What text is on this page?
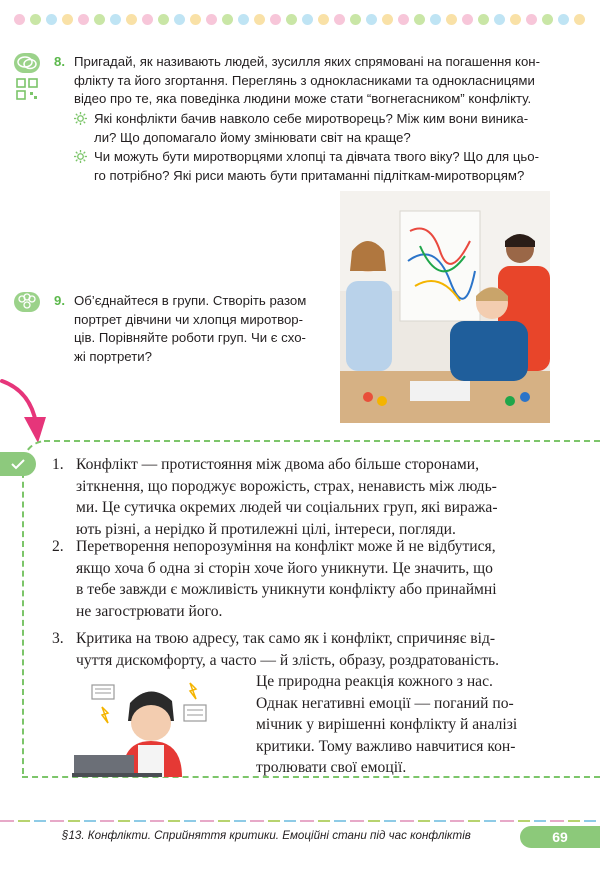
8. Пригадай, як називають людей, зусилля яких спрямовані на погашення кон-
флікту та його згортання. Переглянь з однокласниками та однокласницями
відео про те, яка поведінка людини може стати “вогнегасником” конфлікту.
Які конфлікти бачив навколо себе миротворець? Між ким вони виника-
ли? Що допомагало йому змінювати світ на краще?
Чи можуть бути миротворцями хлопці та дівчата твого віку? Що для цьо-
го потрібно? Які риси мають бути притаманні підліткам-миротворцям?
9. Об’єднайтеся в групи. Створіть разом
портрет дівчини чи хлопця миротвор-
ців. Порівняйте роботи груп. Чи є схо-
жі портрети?
1. Конфлікт — протистояння між двома або більше сторонами,
зіткнення, що породжує ворожість, страх, ненависть між людь-
ми. Це сутичка окремих людей чи соціальних груп, які виража-
ють різні, а нерідко й протилежні цілі, інтереси, погляди.
2. Перетворення непорозуміння на конфлікт може й не відбутися,
якщо хоча б одна зі сторін хоче його уникнути. Це значить, що
в тебе завжди є можливість уникнути конфлікту або принаймні
не загострювати його.
3. Критика на твою адресу, так само як і конфлікт, спричиняє від-
чуття дискомфорту, а часто — й злість, образу, роздратованість.
Це природна реакція кожного з нас.
Однак негативні емоції — поганий по-
мічник у вирішенні конфлікту й аналізі
критики. Тому важливо навчитися кон-
тролювати свої емоції.
§13. Конфлікти. Сприйняття критики. Емоційні стани під час конфліктів	69
